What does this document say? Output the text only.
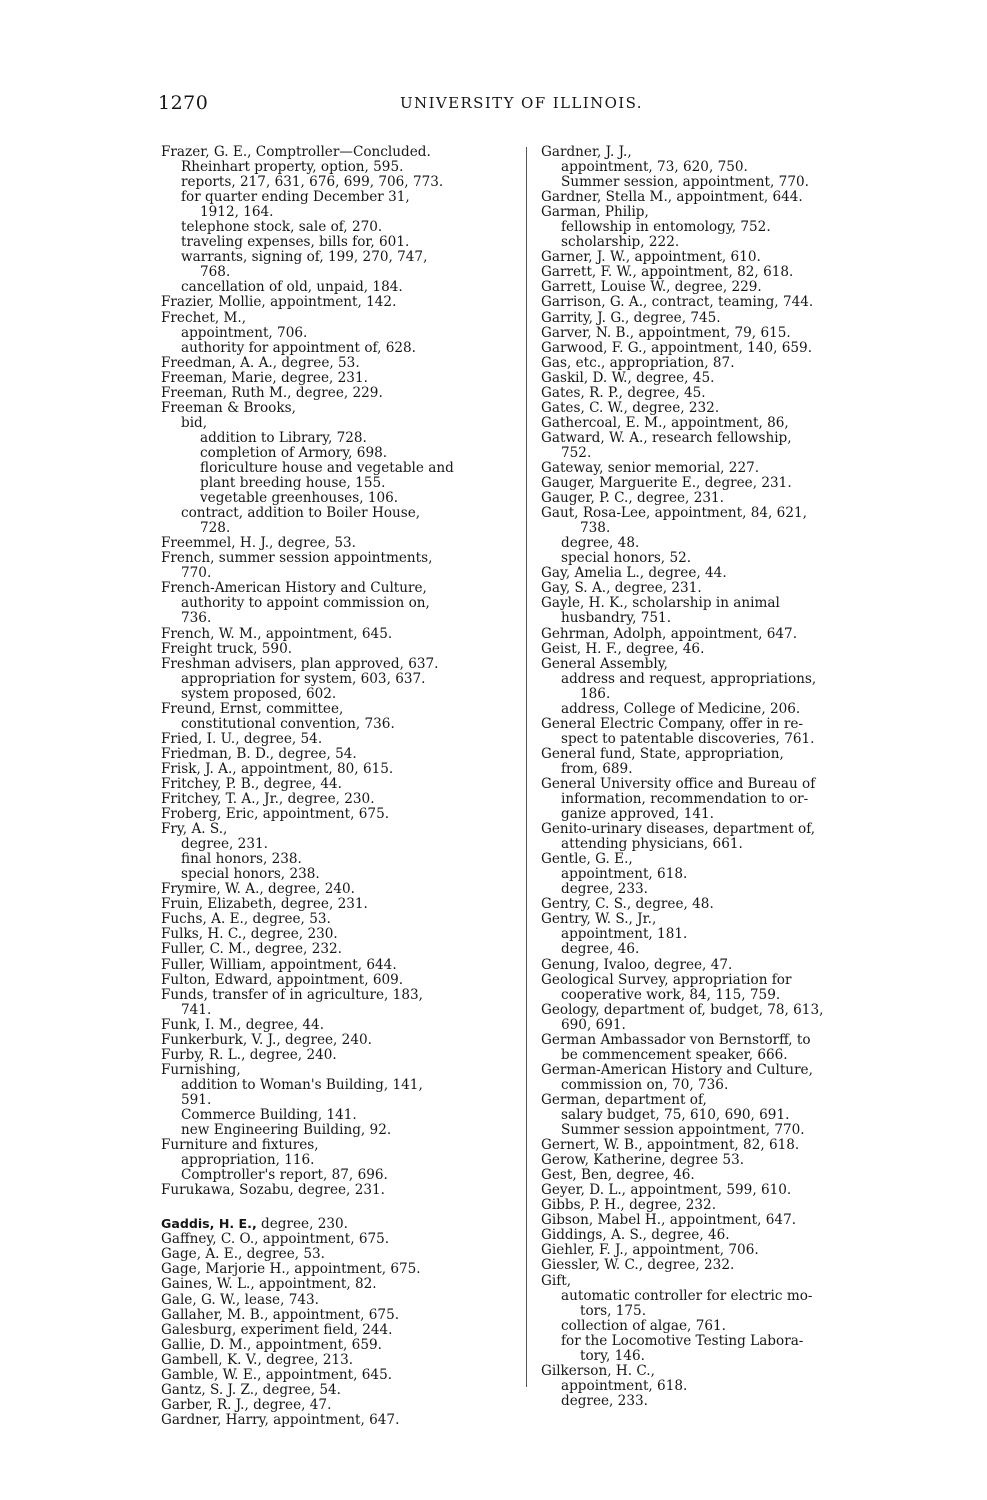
1270	UNIVERSITY OF ILLINOIS.
Frazer, G. E., Comptroller—Concluded.
Rheinhart property, option, 595.
reports, 217, 631, 676, 699, 706, 773.
for quarter ending December 31,
1912, 164.
telephone stock, sale of, 270.
traveling expenses, bills for, 601.
warrants, signing of, 199, 270, 747,
768.
cancellation of old, unpaid, 184.
Frazier, Mollie, appointment, 142.
Frechet, M.,
appointment, 706.
authority for appointment of, 628.
Freedman, A. A., degree, 53.
Freeman, Marie, degree, 231.
Freeman, Ruth M., degree, 229.
Freeman & Brooks,
bid,
addition to Library, 728.
completion of Armory, 698.
floriculture house and vegetable and
plant breeding house, 155.
vegetable greenhouses, 106.
contract, addition to Boiler House,
728.
Freemmel, H. J., degree, 53.
French, summer session appointments,
770.
French-American History and Culture,
authority to appoint commission on,
736.
French, W. M., appointment, 645.
Freight truck, 590.
Freshman advisers, plan approved, 637.
appropriation for system, 603, 637.
system proposed, 602.
Freund, Ernst, committee,
constitutional convention, 736.
Fried, I. U., degree, 54.
Friedman, B. D., degree, 54.
Frisk, J. A., appointment, 80, 615.
Fritchey, P. B., degree, 44.
Fritchey, T. A., Jr., degree, 230.
Froberg, Eric, appointment, 675.
Fry, A. S.,
degree, 231.
final honors, 238.
special honors, 238.
Frymire, W. A., degree, 240.
Fruin, Elizabeth, degree, 231.
Fuchs, A. E., degree, 53.
Fulks, H. C., degree, 230.
Fuller, C. M., degree, 232.
Fuller, William, appointment, 644.
Fulton, Edward, appointment, 609.
Funds, transfer of in agriculture, 183,
741.
Funk, I. M., degree, 44.
Funkerburk, V. J., degree, 240.
Furby, R. L., degree, 240.
Furnishing,
addition to Woman's Building, 141,
591.
Commerce Building, 141.
new Engineering Building, 92.
Furniture and fixtures,
appropriation, 116.
Comptroller's report, 87, 696.
Furukawa, Sozabu, degree, 231.
Gaddis, H. E., degree, 230.
Gaffney, C. O., appointment, 675.
Gage, A. E., degree, 53.
Gage, Marjorie H., appointment, 675.
Gaines, W. L., appointment, 82.
Gale, G. W., lease, 743.
Gallaher, M. B., appointment, 675.
Galesburg, experiment field, 244.
Gallie, D. M., appointment, 659.
Gambell, K. V., degree, 213.
Gamble, W. E., appointment, 645.
Gantz, S. J. Z., degree, 54.
Garber, R. J., degree, 47.
Gardner, Harry, appointment, 647.
Gardner, J. J.,
appointment, 73, 620, 750.
Summer session, appointment, 770.
Gardner, Stella M., appointment, 644.
Garman, Philip,
fellowship in entomology, 752.
scholarship, 222.
Garner, J. W., appointment, 610.
Garrett, F. W., appointment, 82, 618.
Garrett, Louise W., degree, 229.
Garrison, G. A., contract, teaming, 744.
Garrity, J. G., degree, 745.
Garver, N. B., appointment, 79, 615.
Garwood, F. G., appointment, 140, 659.
Gas, etc., appropriation, 87.
Gaskil, D. W., degree, 45.
Gates, R. P., degree, 45.
Gates, C. W., degree, 232.
Gathercoal, E. M., appointment, 86,
Gatward, W. A., research fellowship,
752.
Gateway, senior memorial, 227.
Gauger, Marguerite E., degree, 231.
Gauger, P. C., degree, 231.
Gaut, Rosa-Lee, appointment, 84, 621,
738.
degree, 48.
special honors, 52.
Gay, Amelia L., degree, 44.
Gay, S. A., degree, 231.
Gayle, H. K., scholarship in animal
husbandry, 751.
Gehrman, Adolph, appointment, 647.
Geist, H. F., degree, 46.
General Assembly,
address and request, appropriations,
186.
address, College of Medicine, 206.
General Electric Company, offer in re-
spect to patentable discoveries, 761.
General fund, State, appropriation,
from, 689.
General University office and Bureau of
information, recommendation to or-
ganize approved, 141.
Genito-urinary diseases, department of,
attending physicians, 661.
Gentle, G. E.,
appointment, 618.
degree, 233.
Gentry, C. S., degree, 48.
Gentry, W. S., Jr.,
appointment, 181.
degree, 46.
Genung, Ivaloo, degree, 47.
Geological Survey, appropriation for
cooperative work, 84, 115, 759.
Geology, department of, budget, 78, 613,
690, 691.
German Ambassador von Bernstorff, to
be commencement speaker, 666.
German-American History and Culture,
commission on, 70, 736.
German, department of,
salary budget, 75, 610, 690, 691.
Summer session appointment, 770.
Gernert, W. B., appointment, 82, 618.
Gerow, Katherine, degree 53.
Gest, Ben, degree, 46.
Geyer, D. L., appointment, 599, 610.
Gibbs, P. H., degree, 232.
Gibson, Mabel H., appointment, 647.
Giddings, A. S., degree, 46.
Giehler, F. J., appointment, 706.
Giessler, W. C., degree, 232.
Gift,
automatic controller for electric mo-
tors, 175.
collection of algae, 761.
for the Locomotive Testing Labora-
tory, 146.
Gilkerson, H. C.,
appointment, 618.
degree, 233.
